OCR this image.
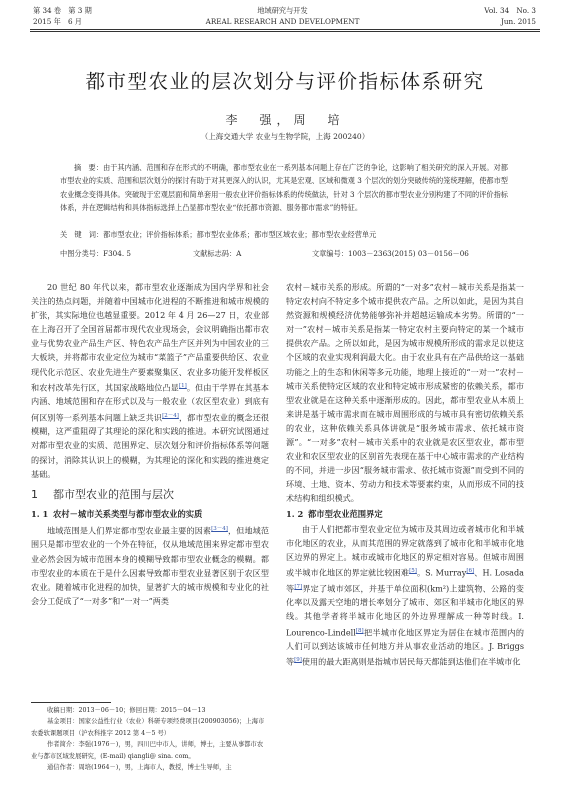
第 34 卷　第 3 期
2015 年　6 月
地域研究与开发
AREAL RESEARCH AND DEVELOPMENT
Vol. 34　No. 3
Jun. 2015
都市型农业的层次划分与评价指标体系研究
李　强，周　培
（上海交通大学 农业与生物学院，上海 200240）
摘　要：由于其内涵、范围和存在形式的不明确，都市型农业在一系列基本问题上存在广泛的争论，这影响了相关研究的深入开展。对都市型农业的实质、范围和层次划分的探讨有助于对其更深入的认识，尤其是宏观、区域和微观 3 个层次的划分突破传统的笼统理解，使都市型农业概念变得具体。突破现于宏观层面和简单套用一般农业评价指标体系的传统做法，针对 3 个层次的都市型农业分别构建了不同的评价指标体系，并在逻辑结构和具体指标选择上凸显都市型农业“依托都市资源、服务都市需求”的特征。
关　键　词：都市型农业；评价指标体系；都市型农业体系；都市型区域农业；都市型农业经营单元
中图分类号：F304. 5	文献标志码：A	文章编号：1003－2363(2015) 03－0156－06

20 世纪 80 年代以来，都市型农业逐渐成为国内学界和社会关注的热点问题，并随着中国城市化进程的不断推进和城市规模的扩张，其实际地位也越显重要。2012 年 4 月 26—27 日，农业部在上海召开了全国首届都市现代农业现场会，会议明确指出都市农业与优势农业产品生产区、特色农产品生产区并列为中国农业的三大板块，并将都市农业定位为城市“菜篮子”产品重要供给区、农业现代化示范区、农业先进生产要素聚集区、农业多功能开发样板区和农村改革先行区，其国家战略地位凸显[1]。但由于学界在其基本内涵、地域范围和存在形式以及与一般农业（农区型农业）到底有何区别等一系列基本问题上缺乏共识[2－4]，都市型农业的概念还很模糊，这严重阻碍了其理论的深化和实践的推进。本研究试图通过对都市型农业的实质、范围界定、层次划分和评价指标体系等问题的探讨，消除其认识上的模糊，为其理论的深化和实践的推进奠定基础。

1 都市型农业的范围与层次
1. 1 农村－城市关系类型与都市型农业的实质

地域范围是人们界定都市型农业最主要的因素[3－4]，但地域范围只是都市型农业的一个外在特征，仅从地域范围来界定都市型农业必然会因为城市范围本身的模糊导致都市型农业概念的模糊。都市型农业的本质在于是什么因素导致都市型农业显著区别于农区型农业。随着城市化进程的加快，显著扩大的城市规模和专业化的社会分工促成了“一对多”和“一对一”两类

农村－城市关系的形成。所谓的“一对多”农村－城市关系是指某一特定农村向不特定多个城市提供农产品。之所以如此，是因为其自然资源和规模经济优势能够弥补并超越运输成本劣势。所谓的“一对一”农村－城市关系是指某一特定农村主要向特定的某一个城市提供农产品。之所以如此，是因为城市规模所形成的需求足以使这个区域的农业实现利润最大化。由于农业具有在产品供给这一基础功能之上的生态和休闲等多元功能，地理上接近的“一对一”农村－城市关系使特定区域的农业和特定城市形成紧密的依赖关系，都市型农业就是在这种关系中逐渐形成的。因此，都市型农业从本质上来讲是基于城市需求而在城市周围形成的与城市具有密切依赖关系的农业，这种依赖关系具体讲就是“服务城市需求、依托城市资源”。“一对多”农村－城市关系中的农业就是农区型农业，都市型农业和农区型农业的区别首先表现在基于中心城市需求的产业结构的不同，并进一步因“服务城市需求、依托城市资源”而受到不同的环境、土地、资本、劳动力和技术等要素约束，从而形成不同的技术结构和组织模式。

1. 2 都市型农业范围界定

由于人们把都市型农业定位为城市及其周边或者城市化和半城市化地区的农业，从而其范围的界定就落到了城市化和半城市化地区边界的界定上。城市或城市化地区的界定相对容易。但城市周围或半城市化地区的界定就比较困难[5]。S. Murray[6]、H. Losada 等[7]界定了城市郊区，并基于单位面积(km²)上建筑物、公路的变化率以及露天空地的增长率划分了城市、郊区和半城市化地区的界线。其他学者将半城市化地区的外边界理解成一种等时线。I. Lourenco-Lindell[8]把半城市化地区界定为居住在城市范围内的人们可以到达该城市任何地方并从事农业活动的地区。J. Briggs 等[9]使用的最大距离则是指城市居民每天都能到达他们在半城市化

收稿日期：2013－06－10；修回日期：2015－04－13

基金项目：国家公益性行业（农业）科研专项经费项目(200903056)；上海市农委软课题项目（沪农科推字 2012 第 4－5 号）

作者简介：李强(1976－)，男，四川巴中市人，讲师，博士，主要从事都市农业与都市区域发展研究，(E-mail) qiangli@ sina. com。

通信作者：周培(1964－)，男，上海市人，教授，博士生导师，主
